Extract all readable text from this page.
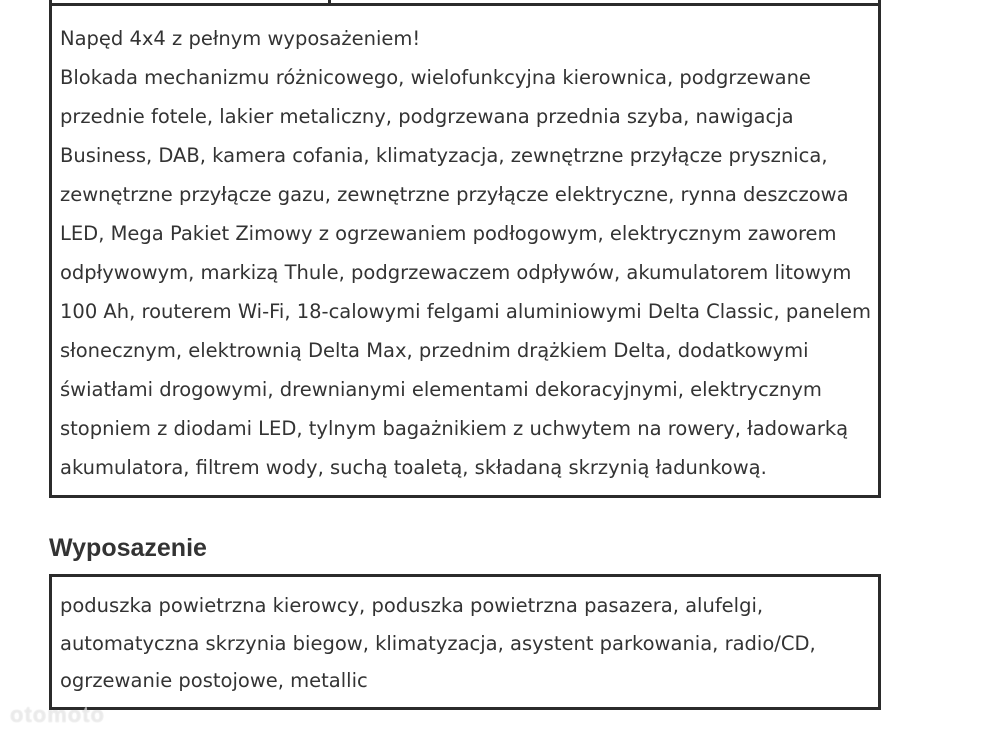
Napęd 4x4 z pełnym wyposażeniem!

Blokada mechanizmu różnicowego, wielofunkcyjna kierownica, podgrzewane przednie fotele, lakier metaliczny, podgrzewana przednia szyba, nawigacja Business, DAB, kamera cofania, klimatyzacja, zewnętrzne przyłącze prysznica, zewnętrzne przyłącze gazu, zewnętrzne przyłącze elektryczne, rynna deszczowa LED, Mega Pakiet Zimowy z ogrzewaniem podłogowym, elektrycznym zaworem odpływowym, markizą Thule, podgrzewaczem odpływów, akumulatorem litowym 100 Ah, routerem Wi-Fi, 18-calowymi felgami aluminiowymi Delta Classic, panelem słonecznym, elektrownią Delta Max, przednim drążkiem Delta, dodatkowymi światłami drogowymi, drewnianymi elementami dekoracyjnymi, elektrycznym stopniem z diodami LED, tylnym bagażnikiem z uchwytem na rowery, ładowarką akumulatora, filtrem wody, suchą toaletą, składaną skrzynią ładunkową.

Wyposazenie
poduszka powietrzna kierowcy, poduszka powietrzna pasazera, alufelgi, automatyczna skrzynia biegow, klimatyzacja, asystent parkowania, radio/CD, ogrzewanie postojowe, metallic
otomoto
